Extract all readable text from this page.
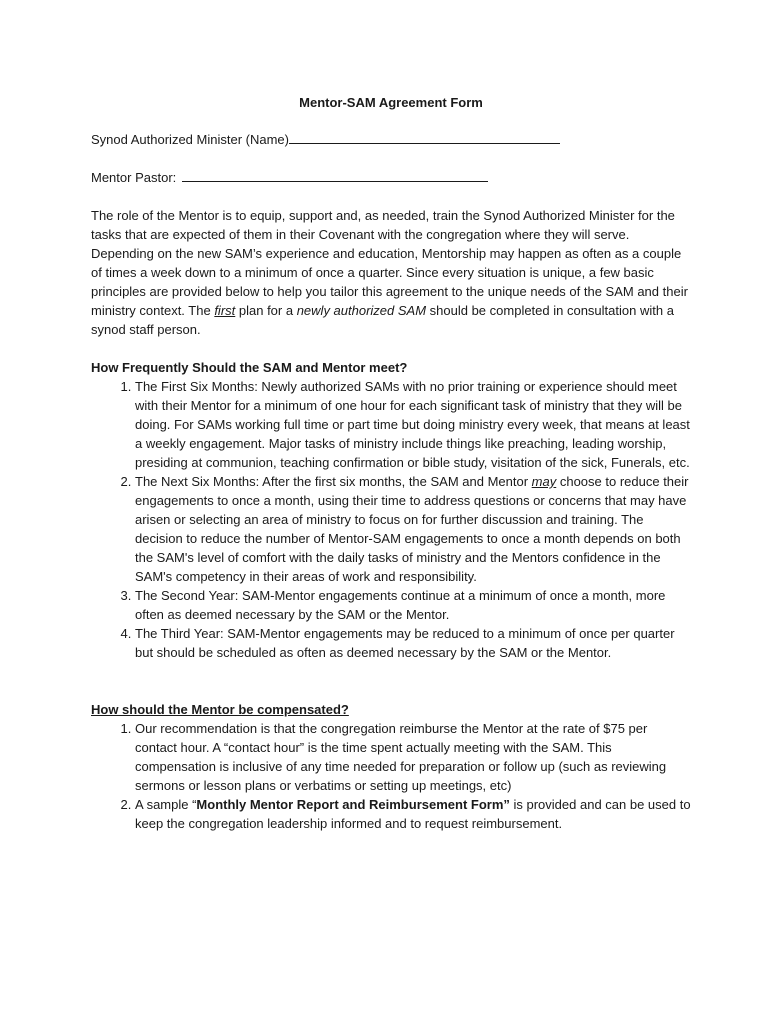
Mentor-SAM Agreement Form
Synod Authorized Minister (Name)
Mentor Pastor:

The role of the Mentor is to equip, support and, as needed, train the Synod Authorized Minister for the tasks that are expected of them in their Covenant with the congregation where they will serve. Depending on the new SAM’s experience and education, Mentorship may happen as often as a couple of times a week down to a minimum of once a quarter. Since every situation is unique, a few basic principles are provided below to help you tailor this agreement to the unique needs of the SAM and their ministry context. The first plan for a newly authorized SAM should be completed in consultation with a synod staff person.

How Frequently Should the SAM and Mentor meet?
1. The First Six Months: Newly authorized SAMs with no prior training or experience should meet with their Mentor for a minimum of one hour for each significant task of ministry that they will be doing. For SAMs working full time or part time but doing ministry every week, that means at least a weekly engagement. Major tasks of ministry include things like preaching, leading worship, presiding at communion, teaching confirmation or bible study, visitation of the sick, Funerals, etc.
2. The Next Six Months: After the first six months, the SAM and Mentor may choose to reduce their engagements to once a month, using their time to address questions or concerns that may have arisen or selecting an area of ministry to focus on for further discussion and training. The decision to reduce the number of Mentor-SAM engagements to once a month depends on both the SAM's level of comfort with the daily tasks of ministry and the Mentors confidence in the SAM's competency in their areas of work and responsibility.
3. The Second Year: SAM-Mentor engagements continue at a minimum of once a month, more often as deemed necessary by the SAM or the Mentor.
4. The Third Year: SAM-Mentor engagements may be reduced to a minimum of once per quarter but should be scheduled as often as deemed necessary by the SAM or the Mentor.
How should the Mentor be compensated?
1. Our recommendation is that the congregation reimburse the Mentor at the rate of $75 per contact hour. A “contact hour” is the time spent actually meeting with the SAM. This compensation is inclusive of any time needed for preparation or follow up (such as reviewing sermons or lesson plans or verbatims or setting up meetings, etc)
2. A sample “Monthly Mentor Report and Reimbursement Form” is provided and can be used to keep the congregation leadership informed and to request reimbursement.
